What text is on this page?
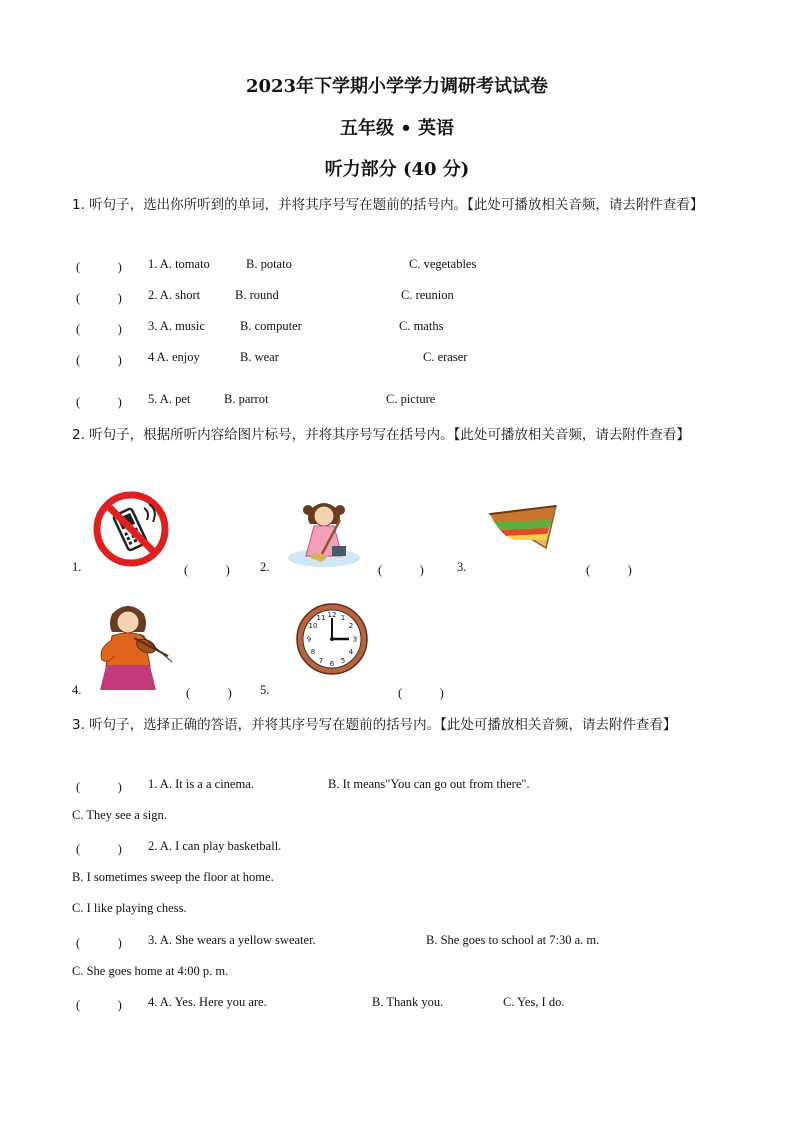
2023年下学期小学学力调研考试试卷
五年级 • 英语
听力部分 (40 分)
1. 听句子，选出你所听到的单词，并将其序号写在题前的括号内。【此处可播放相关音频，请去附件查看】
(　　　) 1. A. tomato	B. potato	C. vegetables
(　　　) 2. A. short	B. round	C. reunion
(　　　) 3. A. music	B. computer	C. maths
(　　　) 4 A. enjoy	B. wear	C. eraser
(　　　) 5. A. pet	B. parrot	C. picture
2. 听句子，根据所听内容给图片标号，并将其序号写在括号内。【此处可播放相关音频，请去附件查看】
1.	(　　　) 2.	(　　　)	3.	(　　　)
4.	(　　　)
12 1
2
3
4
5
6
7
8
9
10
11
5.	(　　　)
3. 听句子，选择正确的答语，并将其序号写在题前的括号内。【此处可播放相关音频，请去附件查看】
(　　　) 1. A. It is a a cinema.	B. It means"You can go out from there".
C. They see a sign.
(　　　) 2. A. I can play basketball.
B. I sometimes sweep the floor at home.
C. I like playing chess.
(　　　) 3. A. She wears a yellow sweater.	B. She goes to school at 7:30 a. m.
C. She goes home at 4:00 p. m.
(　　　) 4. A. Yes. Here you are.	B. Thank you.	C. Yes, I do.
